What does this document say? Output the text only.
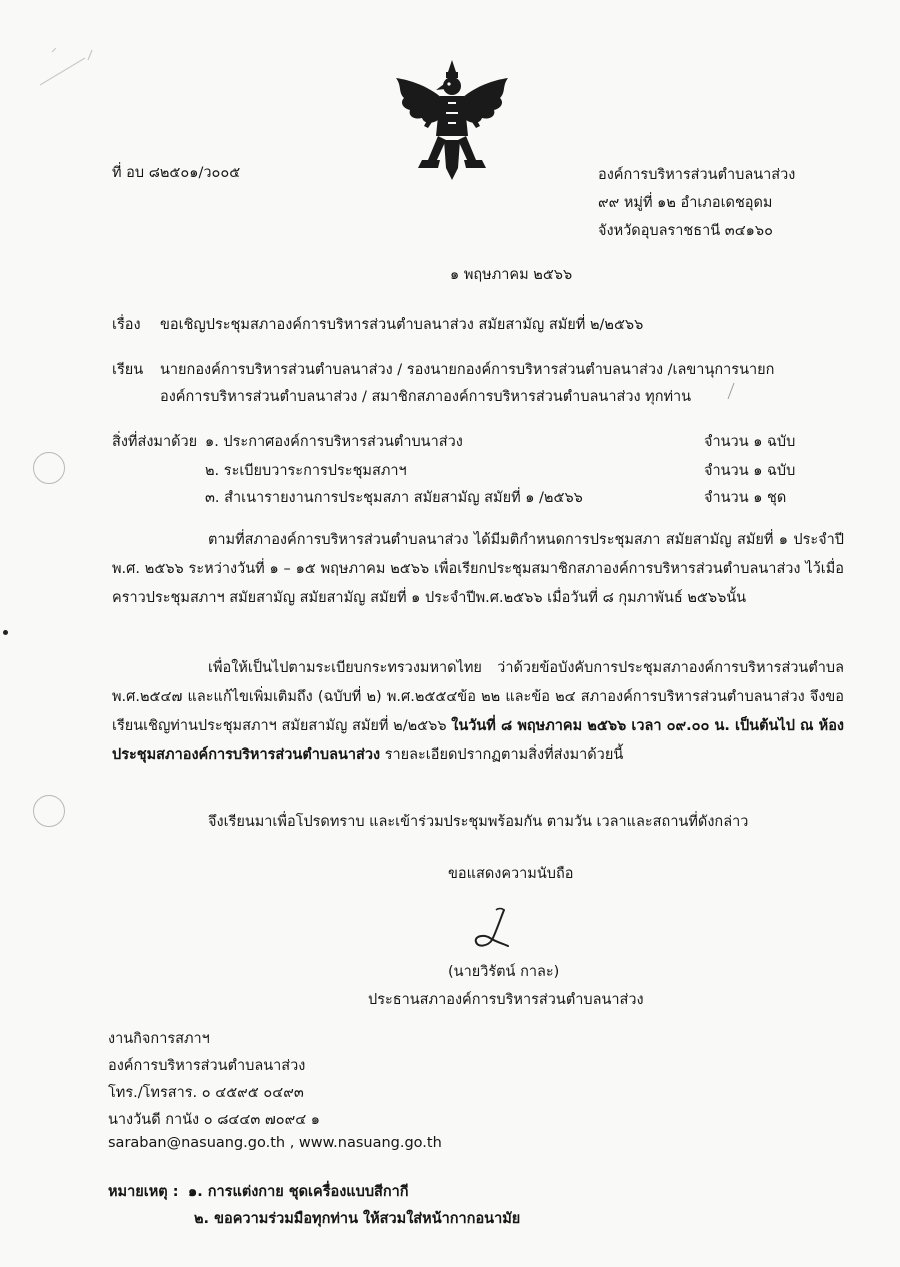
ที่ อบ ๘๒๕๐๑/ว๐๐๕	องค์การบริหารส่วนตำบลนาส่วง
๙๙ หมู่ที่ ๑๒ อำเภอเดชอุดม
จังหวัดอุบลราชธานี ๓๔๑๖๐
๑ พฤษภาคม ๒๕๖๖
เรื่อง ขอเชิญประชุมสภาองค์การบริหารส่วนตำบลนาส่วง สมัยสามัญ สมัยที่ ๒/๒๕๖๖
เรียน นายกองค์การบริหารส่วนตำบลนาส่วง / รองนายกองค์การบริหารส่วนตำบลนาส่วง /เลขานุการนายก
องค์การบริหารส่วนตำบลนาส่วง / สมาชิกสภาองค์การบริหารส่วนตำบลนาส่วง ทุกท่าน
สิ่งที่ส่งมาด้วย ๑. ประกาศองค์การบริหารส่วนตำบนาส่วง	จำนวน ๑ ฉบับ
๒. ระเบียบวาระการประชุมสภาฯ	จำนวน ๑ ฉบับ
๓. สำเนารายงานการประชุมสภา สมัยสามัญ สมัยที่ ๑ /๒๕๖๖	จำนวน ๑ ชุด
ตามที่สภาองค์การบริหารส่วนตำบลนาส่วง ได้มีมติกำหนดการประชุมสภา สมัยสามัญ สมัยที่ ๑ ประจำปี พ.ศ. ๒๕๖๖ ระหว่างวันที่ ๑ – ๑๕ พฤษภาคม ๒๕๖๖ เพื่อเรียกประชุมสมาชิกสภาองค์การบริหารส่วนตำบลนาส่วง ไว้เมื่อคราวประชุมสภาฯ สมัยสามัญ สมัยสามัญ สมัยที่ ๑ ประจำปีพ.ศ.๒๕๖๖ เมื่อวันที่ ๘ กุมภาพันธ์ ๒๕๖๖นั้น
เพื่อให้เป็นไปตามระเบียบกระทรวงมหาดไทย ว่าด้วยข้อบังคับการประชุมสภาองค์การบริหารส่วนตำบล พ.ศ.๒๕๔๗ และแก้ไขเพิ่มเติมถึง (ฉบับที่ ๒) พ.ศ.๒๕๕๔ข้อ ๒๒ และข้อ ๒๔ สภาองค์การบริหารส่วนตำบลนาส่วง จึงขอเรียนเชิญท่านประชุมสภาฯ สมัยสามัญ สมัยที่ ๒/๒๕๖๖ ในวันที่ ๘ พฤษภาคม ๒๕๖๖ เวลา ๐๙.๐๐ น. เป็นต้นไป ณ ห้องประชุมสภาองค์การบริหารส่วนตำบลนาส่วง รายละเอียดปรากฏตามสิ่งที่ส่งมาด้วยนี้
จึงเรียนมาเพื่อโปรดทราบ และเข้าร่วมประชุมพร้อมกัน ตามวัน เวลาและสถานที่ดังกล่าว
ขอแสดงความนับถือ
(นายวิรัตน์ กาละ)
ประธานสภาองค์การบริหารส่วนตำบลนาส่วง
งานกิจการสภาฯ
องค์การบริหารส่วนตำบลนาส่วง
โทร./โทรสาร. ๐ ๔๕๙๕ ๐๔๙๓
นางวันดี กานัง ๐ ๘๔๔๓ ๗๐๙๔ ๑
saraban@nasuang.go.th , www.nasuang.go.th
หมายเหตุ : ๑. การแต่งกาย ชุดเครื่องแบบสีกากี
๒. ขอความร่วมมือทุกท่าน ให้สวมใส่หน้ากากอนามัย
